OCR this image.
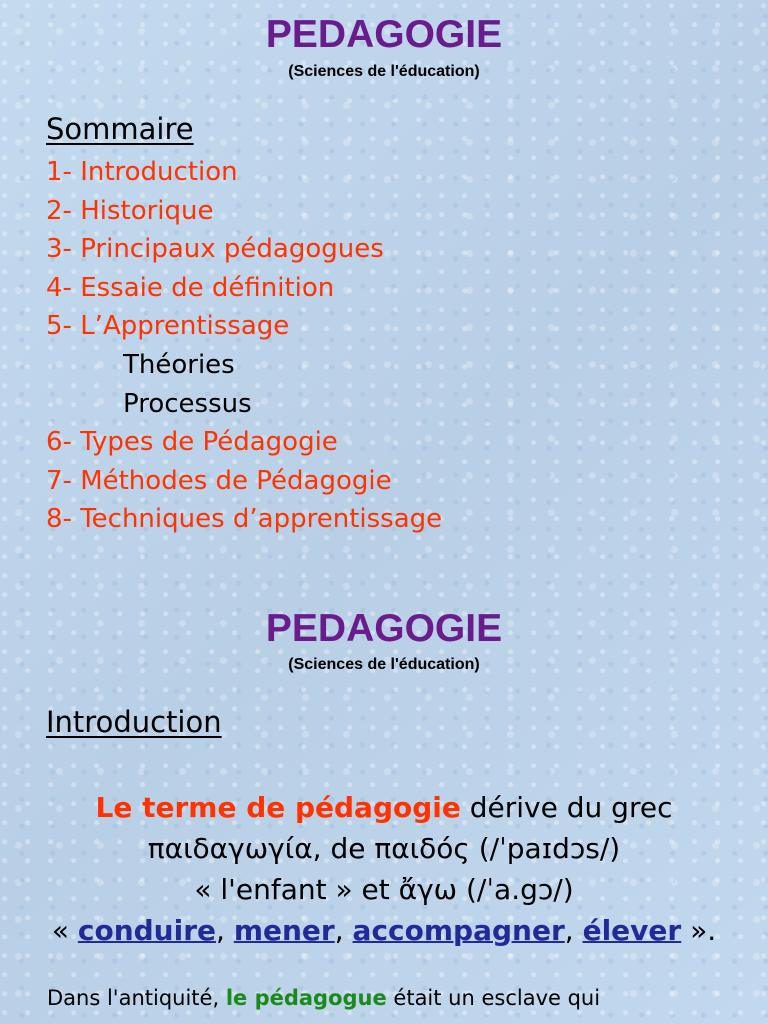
PEDAGOGIE
(Sciences de l'éducation)
Sommaire
1- Introduction
2- Historique
3- Principaux pédagogues
4- Essaie de définition
5- L’Apprentissage
Théories
Processus
6- Types de Pédagogie
7- Méthodes de Pédagogie
8- Techniques d’apprentissage
PEDAGOGIE
(Sciences de l'éducation)
Introduction
Le terme de pédagogie dérive du grec
παιδαγωγία, de παιδός (/ˈpaɪdɔs/)
« l'enfant » et ἄγω (/ˈa.gɔ/)
« conduire, mener, accompagner, élever ».
Dans l'antiquité, le pédagogue était un esclave qui
